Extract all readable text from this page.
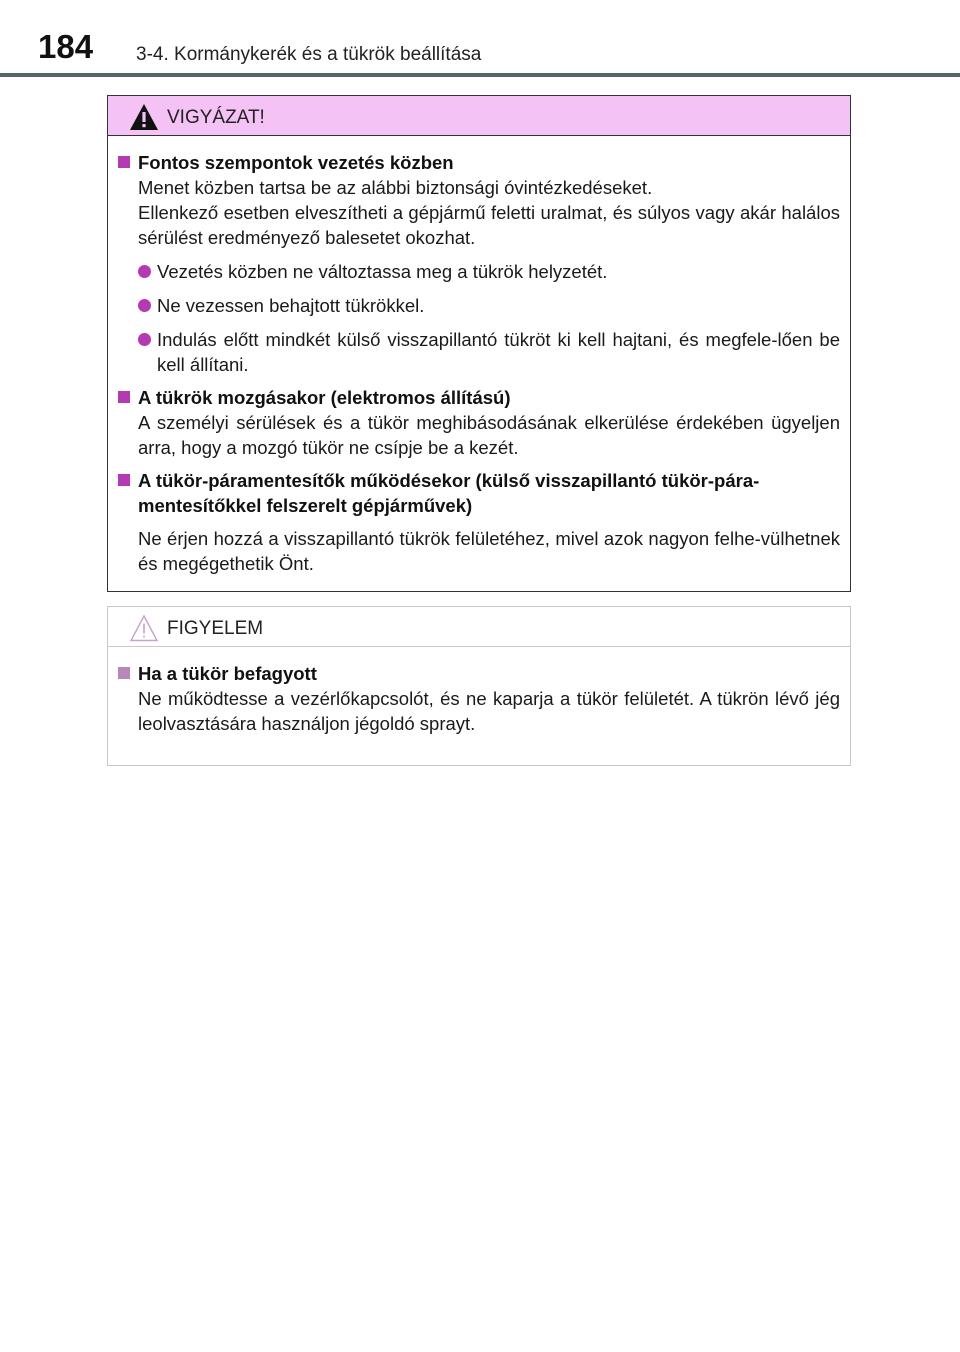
184 3-4. Kormánykerék és a tükrök beállítása
VIGYÁZAT!
Fontos szempontok vezetés közben
Menet közben tartsa be az alábbi biztonsági óvintézkedéseket.
Ellenkező esetben elveszítheti a gépjármű feletti uralmat, és súlyos vagy akár halálos sérülést eredményező balesetet okozhat.
Vezetés közben ne változtassa meg a tükrök helyzetét.
Ne vezessen behajtott tükrökkel.
Indulás előtt mindkét külső visszapillantó tükröt ki kell hajtani, és megfele-lően be kell állítani.
A tükrök mozgásakor (elektromos állítású)
A személyi sérülések és a tükör meghibásodásának elkerülése érdekében ügyeljen arra, hogy a mozgó tükör ne csípje be a kezét.
A tükör-páramentesítők működésekor (külső visszapillantó tükör-pára-mentesítőkkel felszerelt gépjárművek)
Ne érjen hozzá a visszapillantó tükrök felületéhez, mivel azok nagyon felhe-vülhetnek és megégethetik Önt.
FIGYELEM
Ha a tükör befagyott
Ne működtesse a vezérlőkapcsolót, és ne kaparja a tükör felületét. A tükrön lévő jég leolvasztására használjon jégoldó sprayt.
